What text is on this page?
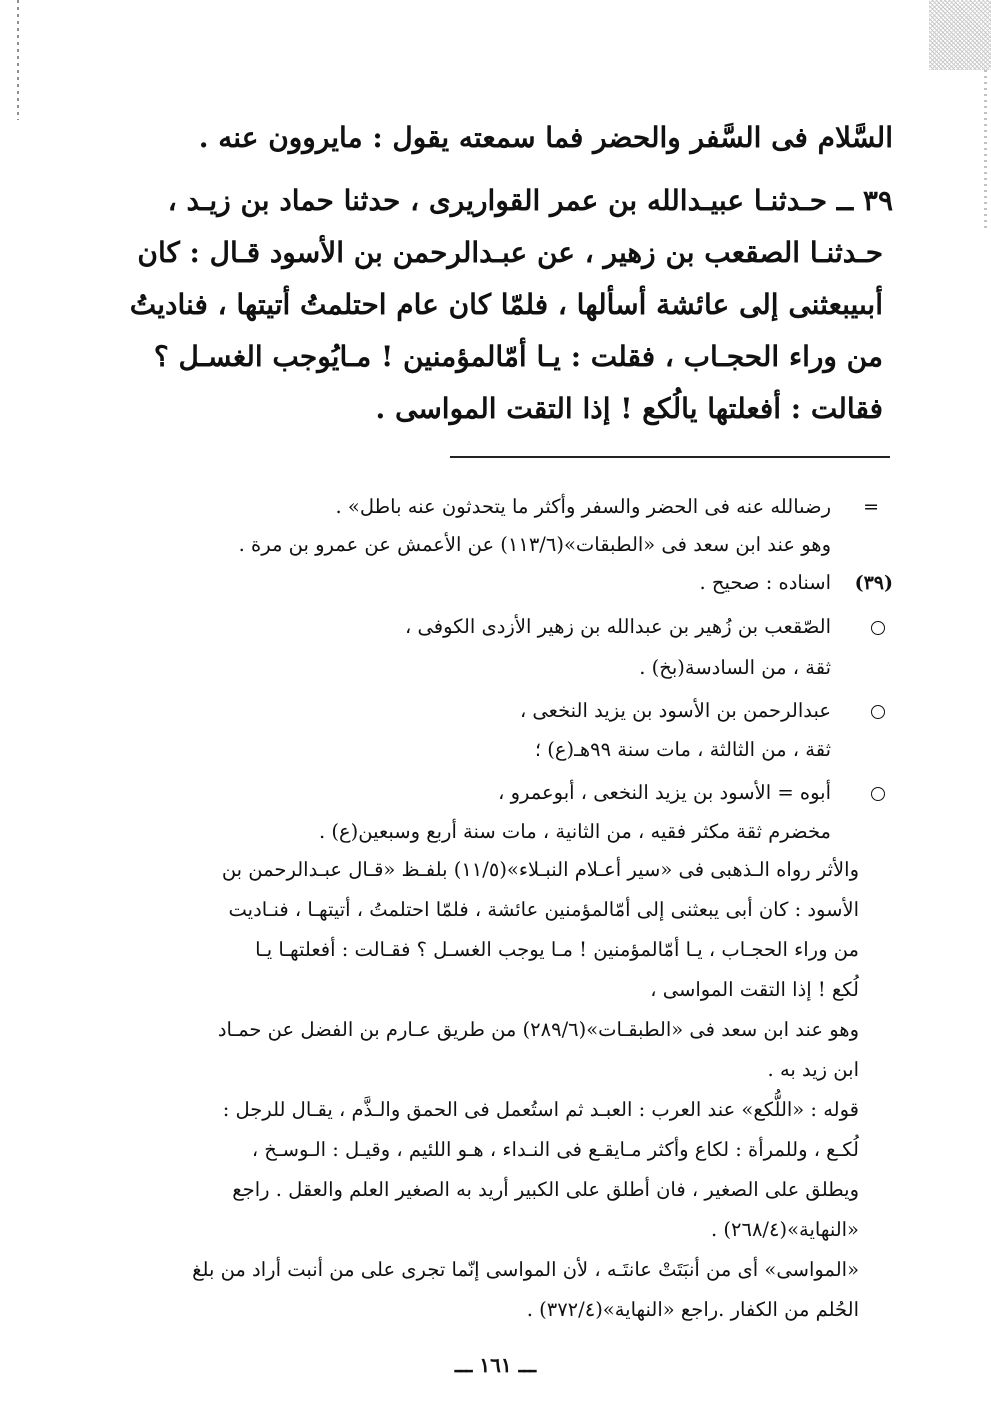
السَّلام فى السَّفر والحضر فما سمعته يقول : مايروون عنه .
٣٩ ــ حـدثنـا عبيـدالله بن عمر القواريرى ، حدثنا حماد بن زيـد ،
حـدثنـا الصقعب بن زهير ، عن عبـدالرحمن بن الأسود قـال : كان
أبىيبعثنى إلى عائشة أسألها ، فلمّا كان عام احتلمتُ أتيتها ، فناديتُ
من وراء الحجـاب ، فقلت : يـا أمّالمؤمنين ! مـايُوجب الغسـل ؟
فقالت : أفعلتها يالُكع ! إذا التقت المواسى .
=
رضىالله عنه فى الحضر والسفر وأكثر ما يتحدثون عنه باطل» .
وهو عند ابن سعد فى «الطبقات»(١١٣/٦) عن الأعمش عن عمرو بن مرة .
(٣٩)
اسناده : صحيح .
الصّقعب بن زُهير بن عبدالله بن زهير الأزدى الكوفى ،
ثقة ، من السادسة(بخ) .
عبدالرحمن بن الأسود بن يزيد النخعى ،
ثقة ، من الثالثة ، مات سنة ٩٩هـ(ع) ؛
أبوه = الأسود بن يزيد النخعى ، أبوعمرو ،
مخضرم ثقة مكثر فقيه ، من الثانية ، مات سنة أربع وسبعين(ع) .
والأثر رواه الـذهبى فى «سير أعـلام النبـلاء»(١١/٥) بلفـظ «قـال عبـدالرحمن بن
الأسود : كان أبى يبعثنى إلى أمّالمؤمنين عائشة ، فلمّا احتلمتُ ، أتيتهـا ، فنـاديت
من وراء الحجـاب ، يـا أمّالمؤمنين ! مـا يوجب الغسـل ؟ فقـالت : أفعلتهـا يـا
لُكع ! إذا التقت المواسى ،
وهو عند ابن سعد فى «الطبقـات»(٢٨٩/٦) من طريق عـارم بن الفضل عن حمـاد
ابن زيد به .
قوله : «اللُّكع» عند العرب : العبـد ثم استُعمل فى الحمق والـذَّم ، يقـال للرجل :
لُكـع ، وللمرأة : لكاع وأكثر مـايقـع فى النـداء ، هـو اللئيم ، وقيـل : الـوسـخ ،
ويطلق على الصغير ، فان أطلق على الكبير أريد به الصغير العلم والعقل . راجع
«النهاية»(٢٦٨/٤) .
«المواسى» أى من أنبَتَتْ عانتَـه ، لأن المواسى إنّما تجرى على من أنبت أراد من بلغ
الحُلم من الكفار .راجع «النهاية»(٣٧٢/٤) .
ـــ ١٦١ ـــ
